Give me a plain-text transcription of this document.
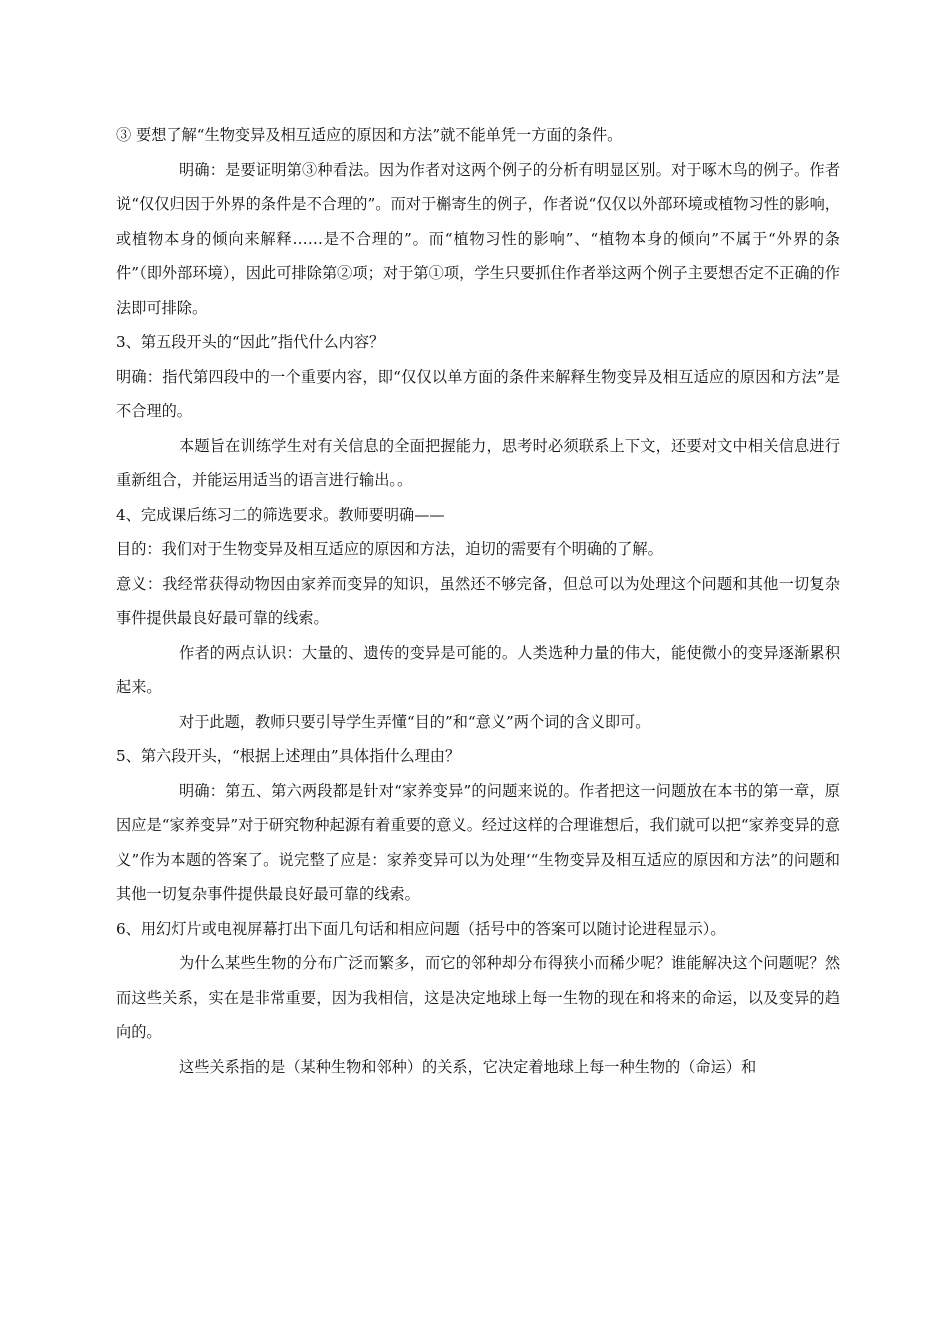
③ 要想了解“生物变异及相互适应的原因和方法”就不能单凭一方面的条件。

明确：是要证明第③种看法。因为作者对这两个例子的分析有明显区别。对于啄木鸟的例子。作者说“仅仅归因于外界的条件是不合理的”。而对于槲寄生的例子，作者说“仅仅以外部环境或植物习性的影响，或植物本身的倾向来解释……是不合理的”。而“植物习性的影响”、“植物本身的倾向”不属于“外界的条件”（即外部环境），因此可排除第②项；对于第①项，学生只要抓住作者举这两个例子主要想否定不正确的作法即可排除。

3、第五段开头的“因此”指代什么内容？

明确：指代第四段中的一个重要内容，即“仅仅以单方面的条件来解释生物变异及相互适应的原因和方法”是不合理的。

本题旨在训练学生对有关信息的全面把握能力，思考时必须联系上下文，还要对文中相关信息进行重新组合，并能运用适当的语言进行输出。。

4、完成课后练习二的筛选要求。教师要明确——

目的：我们对于生物变异及相互适应的原因和方法，迫切的需要有个明确的了解。

意义：我经常获得动物因由家养而变异的知识，虽然还不够完备，但总可以为处理这个问题和其他一切复杂事件提供最良好最可靠的线索。

作者的两点认识：大量的、遗传的变异是可能的。人类选种力量的伟大，能使微小的变异逐渐累积起来。

对于此题，教师只要引导学生弄懂“目的”和“意义”两个词的含义即可。

5、第六段开头，“根据上述理由”具体指什么理由？

明确：第五、第六两段都是针对“家养变异”的问题来说的。作者把这一问题放在本书的第一章，原因应是“家养变异”对于研究物种起源有着重要的意义。经过这样的合理谁想后，我们就可以把“家养变异的意义”作为本题的答案了。说完整了应是：家养变异可以为处理‘“生物变异及相互适应的原因和方法”的问题和其他一切复杂事件提供最良好最可靠的线索。

6、用幻灯片或电视屏幕打出下面几句话和相应问题（括号中的答案可以随讨论进程显示）。

为什么某些生物的分布广泛而繁多，而它的邻种却分布得狭小而稀少呢？谁能解决这个问题呢？然而这些关系，实在是非常重要，因为我相信，这是决定地球上每一生物的现在和将来的命运，以及变异的趋向的。

这些关系指的是（某种生物和邻种）的关系，它决定着地球上每一种生物的（命运）和
